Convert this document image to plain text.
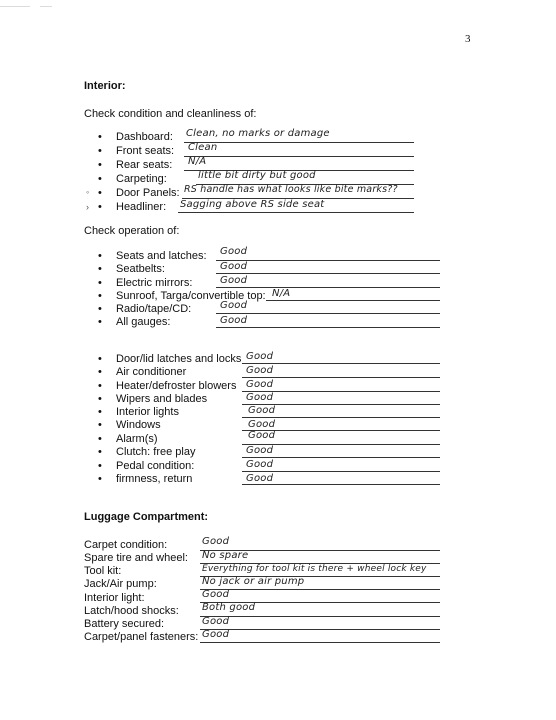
3
Interior:
Check condition and cleanliness of:
• Dashboard: Clean, no marks or damage
• Front seats: Clean
• Rear seats: N/A
• Carpeting:	little bit dirty but good
◦ • Door Panels: RS handle has what looks like bite marks??
› • Headliner: Sagging above RS side seat
Check operation of:
• Seats and latches: Good
• Seatbelts:	Good
• Electric mirrors:	Good
• Sunroof, Targa/convertible top: N/A
• Radio/tape/CD:	Good
• All gauges:	Good
• Door/lid latches and locks Good
• Air conditioner	Good
• Heater/defroster blowers Good
• Wipers and blades	Good
• Interior lights	Good
• Windows	Good
• Alarm(s)	Good
• Clutch: free play	Good
• Pedal condition:	Good
• firmness, return	Good
Luggage Compartment:
Carpet condition:	Good
Spare tire and wheel: No spare
Tool kit:	Everything for tool kit is there + wheel lock key
Jack/Air pump:	No jack or air pump
Interior light:	Good
Latch/hood shocks: Both good
Battery secured:	Good
Carpet/panel fasteners: Good
